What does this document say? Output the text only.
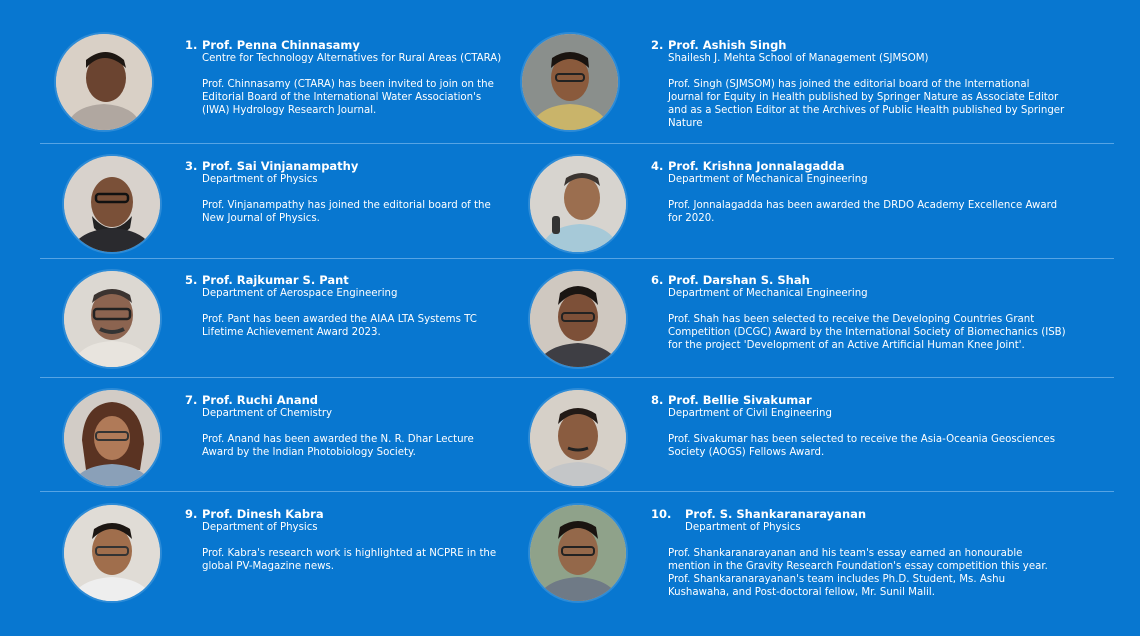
1. Prof. Penna Chinnasamy
Centre for Technology Alternatives for Rural Areas (CTARA)
Prof. Chinnasamy (CTARA) has been invited to join on the Editorial Board of the International Water Association's (IWA) Hydrology Research Journal.
2. Prof. Ashish Singh
Shailesh J. Mehta School of Management (SJMSOM)
Prof. Singh (SJMSOM) has joined the editorial board of the International Journal for Equity in Health published by Springer Nature as Associate Editor and as a Section Editor at the Archives of Public Health published by Springer Nature
3. Prof. Sai Vinjanampathy
Department of Physics
Prof. Vinjanampathy has joined the editorial board of the New Journal of Physics.
4. Prof. Krishna Jonnalagadda
Department of Mechanical Engineering
Prof. Jonnalagadda has been awarded the DRDO Academy Excellence Award for 2020.
5. Prof. Rajkumar S. Pant
Department of Aerospace Engineering
Prof. Pant has been awarded the AIAA LTA Systems TC Lifetime Achievement Award 2023.
6. Prof. Darshan S. Shah
Department of Mechanical Engineering
Prof. Shah has been selected to receive the Developing Countries Grant Competition (DCGC) Award by the International Society of Biomechanics (ISB) for the project 'Development of an Active Artificial Human Knee Joint'.
7. Prof. Ruchi Anand
Department of Chemistry
Prof. Anand has been awarded the N. R. Dhar Lecture Award by the Indian Photobiology Society.
8. Prof. Bellie Sivakumar
Department of Civil Engineering
Prof. Sivakumar has been selected to receive the Asia-Oceania Geosciences Society (AOGS) Fellows Award.
9. Prof. Dinesh Kabra
Department of Physics
Prof. Kabra's research work is highlighted at NCPRE in the global PV-Magazine news.
10. Prof. S. Shankaranarayanan
Department of Physics
Prof. Shankaranarayanan and his team's essay earned an honourable mention in the Gravity Research Foundation's essay competition this year. Prof. Shankaranarayanan's team includes Ph.D. Student, Ms. Ashu Kushawaha, and Post-doctoral fellow, Mr. Sunil Malil.
